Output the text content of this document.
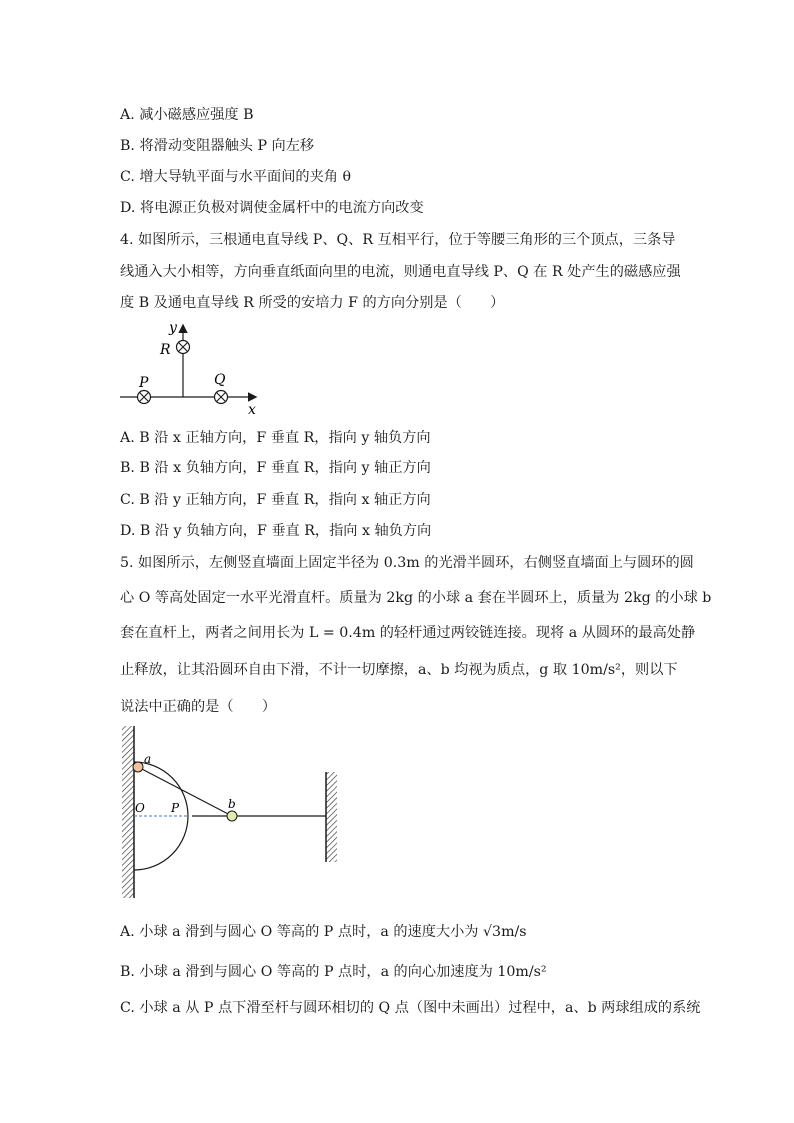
A. 减小磁感应强度 B
B. 将滑动变阻器触头 P 向左移
C. 增大导轨平面与水平面间的夹角 θ
D. 将电源正负极对调使金属杆中的电流方向改变
4. 如图所示，三根通电直导线 P、Q、R 互相平行，位于等腰三角形的三个顶点，三条导
线通入大小相等，方向垂直纸面向里的电流，则通电直导线 P、Q 在 R 处产生的磁感应强
度 B 及通电直导线 R 所受的安培力 F 的方向分别是（　　）
y
x
R
P	Q
A. B 沿 x 正轴方向，F 垂直 R，指向 y 轴负方向
B. B 沿 x 负轴方向，F 垂直 R，指向 y 轴正方向
C. B 沿 y 正轴方向，F 垂直 R，指向 x 轴正方向
D. B 沿 y 负轴方向，F 垂直 R，指向 x 轴负方向
5. 如图所示，左侧竖直墙面上固定半径为 0.3m 的光滑半圆环，右侧竖直墙面上与圆环的圆
心 O 等高处固定一水平光滑直杆。质量为 2kg 的小球 a 套在半圆环上，质量为 2kg 的小球 b
套在直杆上，两者之间用长为 L = 0.4m 的轻杆通过两铰链连接。现将 a 从圆环的最高处静
止释放，让其沿圆环自由下滑，不计一切摩擦，a、b 均视为质点，g 取 10m/s²，则以下
说法中正确的是（　　）
a
O P	b
A. 小球 a 滑到与圆心 O 等高的 P 点时，a 的速度大小为 √3m/s
B. 小球 a 滑到与圆心 O 等高的 P 点时，a 的向心加速度为 10m/s²
C. 小球 a 从 P 点下滑至杆与圆环相切的 Q 点（图中未画出）过程中，a、b 两球组成的系统
